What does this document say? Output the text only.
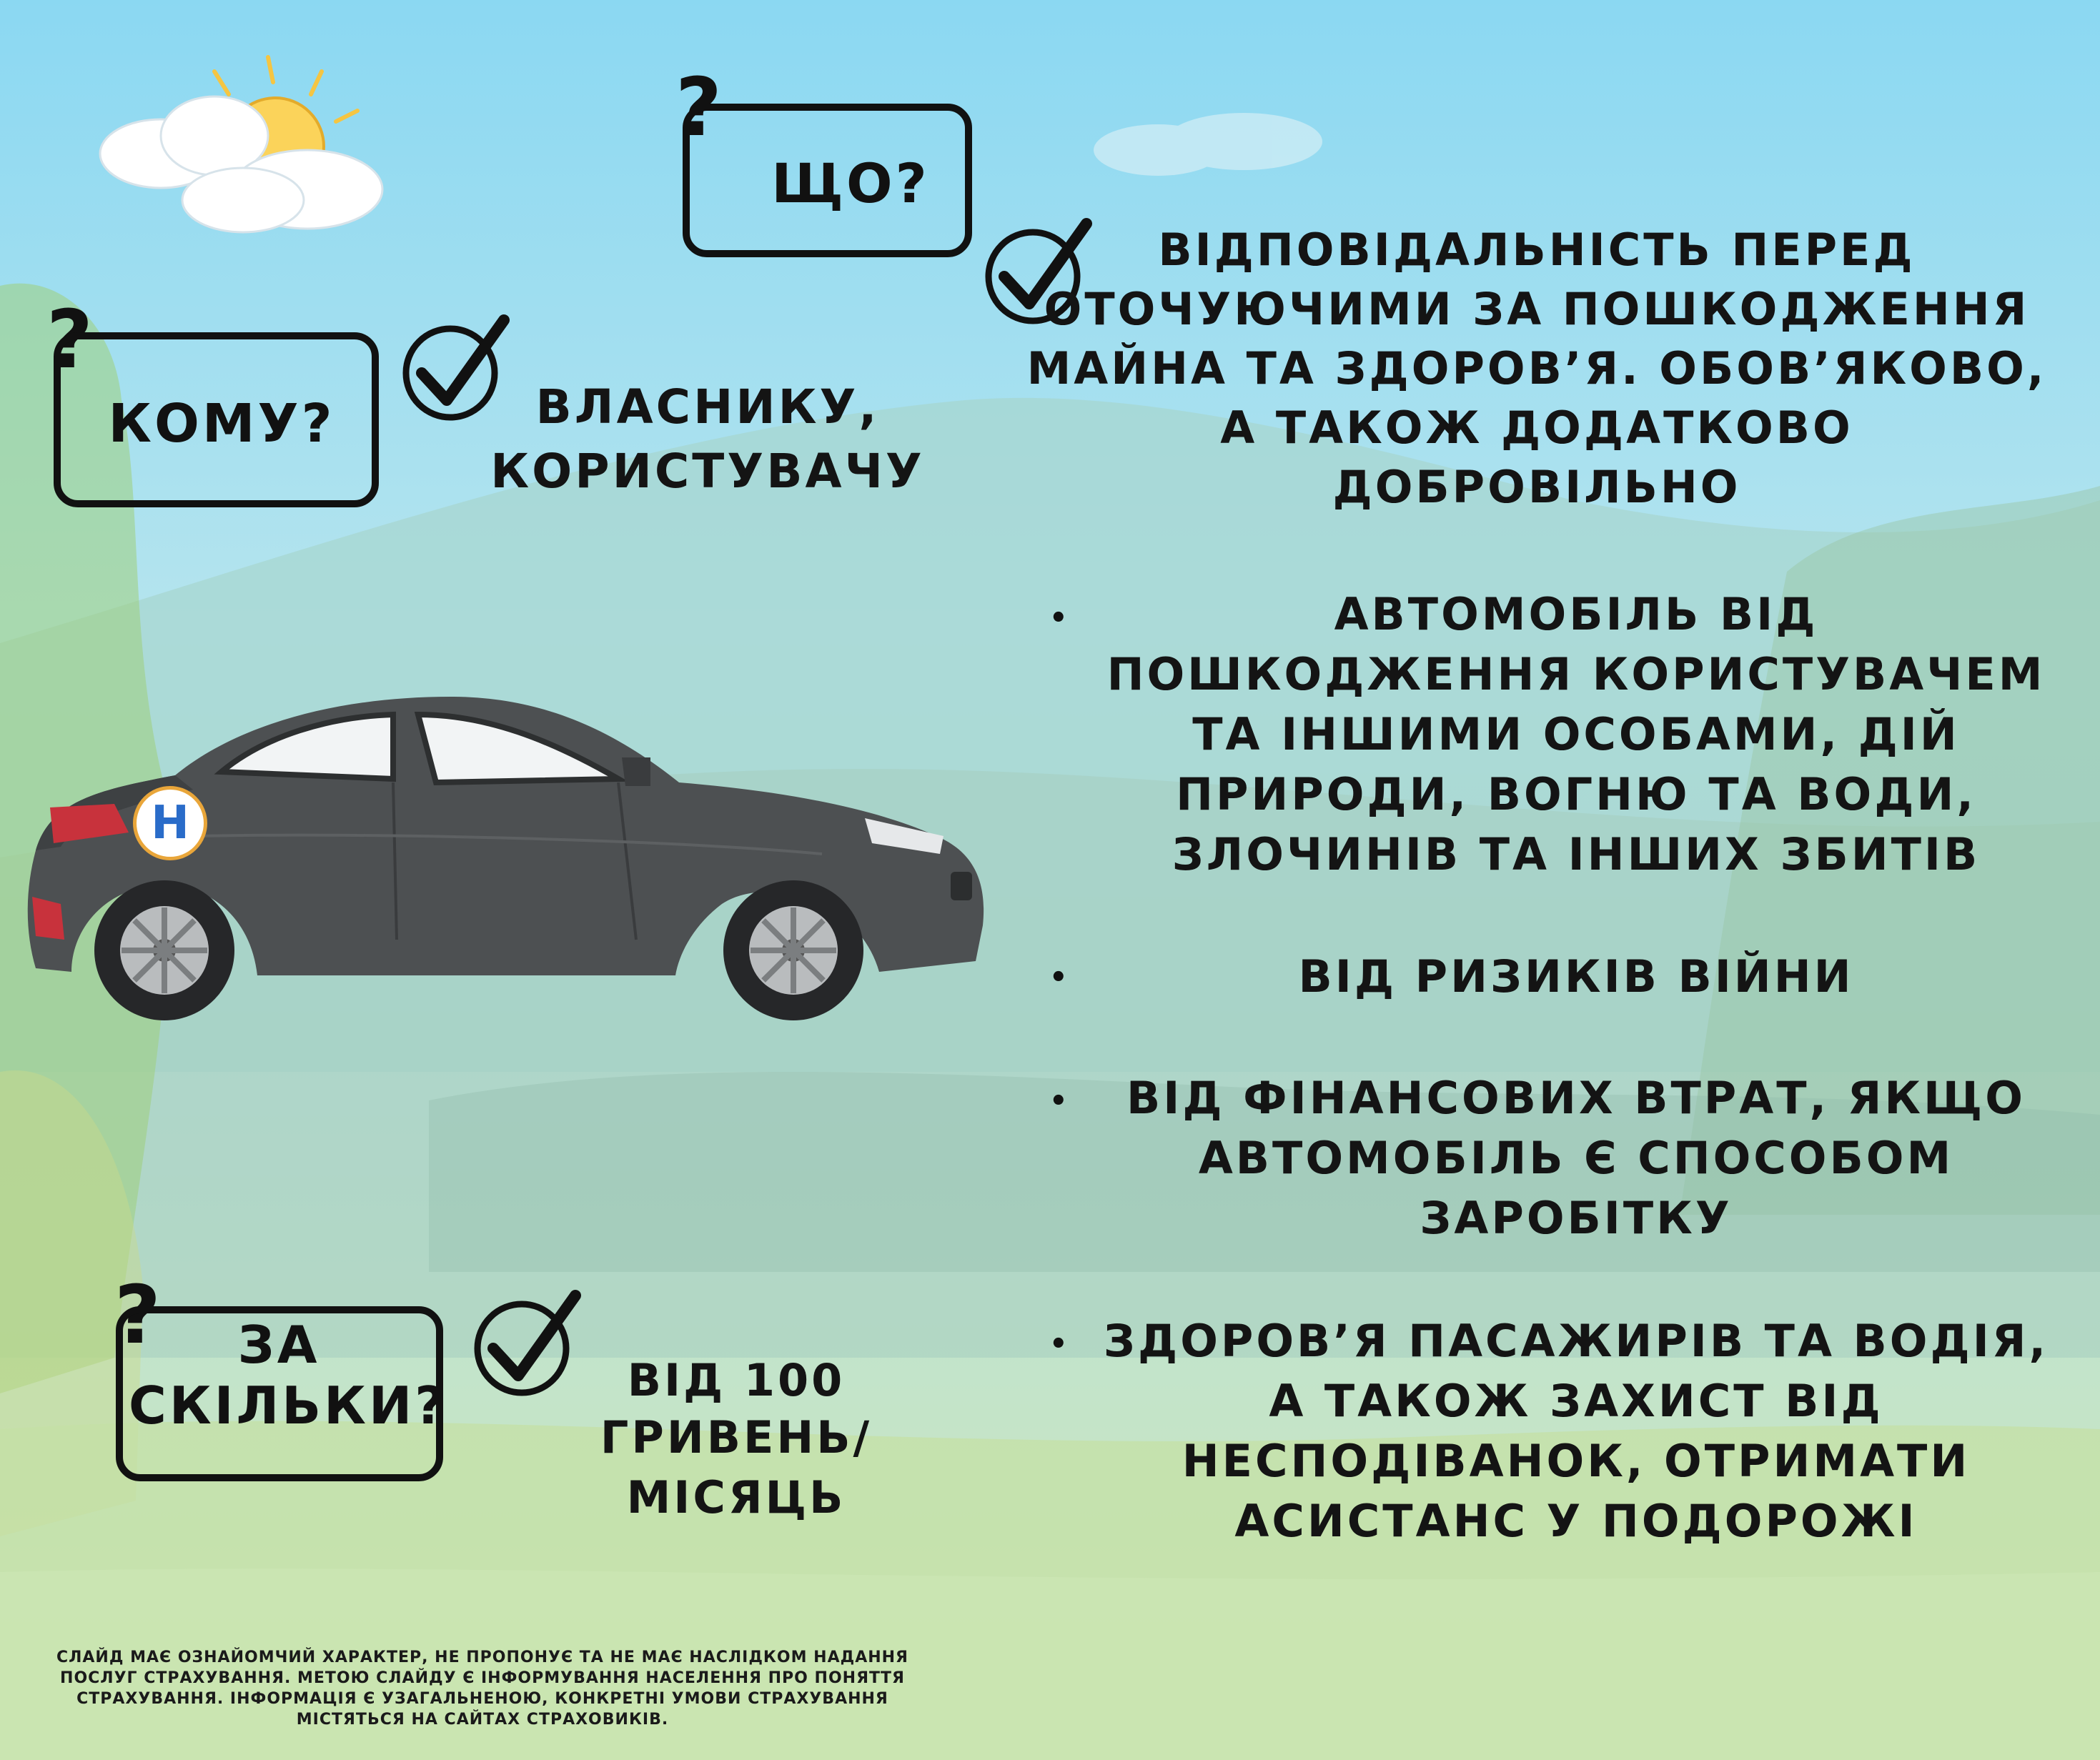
?
ЩО?
ВІДПОВІДАЛЬНІСТЬ ПЕРЕД ОТОЧУЮЧИМИ ЗА ПОШКОДЖЕННЯ МАЙНА ТА ЗДОРОВ’Я. ОБОВ’ЯКОВО, А ТАКОЖ ДОДАТКОВО ДОБРОВІЛЬНО
?
КОМУ?	ВЛАСНИКУ, КОРИСТУВАЧУ
H
•	АВТОМОБІЛЬ ВІД ПОШКОДЖЕННЯ КОРИСТУВАЧЕМ ТА ІНШИМИ ОСОБАМИ, ДІЙ ПРИРОДИ, ВОГНЮ ТА ВОДИ, ЗЛОЧИНІВ ТА ІНШИХ ЗБИТІВ
•	ВІД РИЗИКІВ ВІЙНИ
•	ВІД ФІНАНСОВИХ ВТРАТ, ЯКЩО АВТОМОБІЛЬ Є СПОСОБОМ ЗАРОБІТКУ
• ЗДОРОВ’Я ПАСАЖИРІВ ТА ВОДІЯ, А ТАКОЖ ЗАХИСТ ВІД НЕСПОДІВАНОК, ОТРИМАТИ АСИСТАНС У ПОДОРОЖІ
?	ЗА
СКІЛЬКИ?	ВІД 100
ГРИВЕНЬ/МІСЯЦЬ
СЛАЙД МАЄ ОЗНАЙОМЧИЙ ХАРАКТЕР, НЕ ПРОПОНУЄ ТА НЕ МАЄ НАСЛІДКОМ НАДАННЯ ПОСЛУГ СТРАХУВАННЯ. МЕТОЮ СЛАЙДУ Є ІНФОРМУВАННЯ НАСЕЛЕННЯ ПРО ПОНЯТТЯ СТРАХУВАННЯ. ІНФОРМАЦІЯ Є УЗАГАЛЬНЕНОЮ, КОНКРЕТНІ УМОВИ СТРАХУВАННЯ МІСТЯТЬСЯ НА САЙТАХ СТРАХОВИКІВ.
